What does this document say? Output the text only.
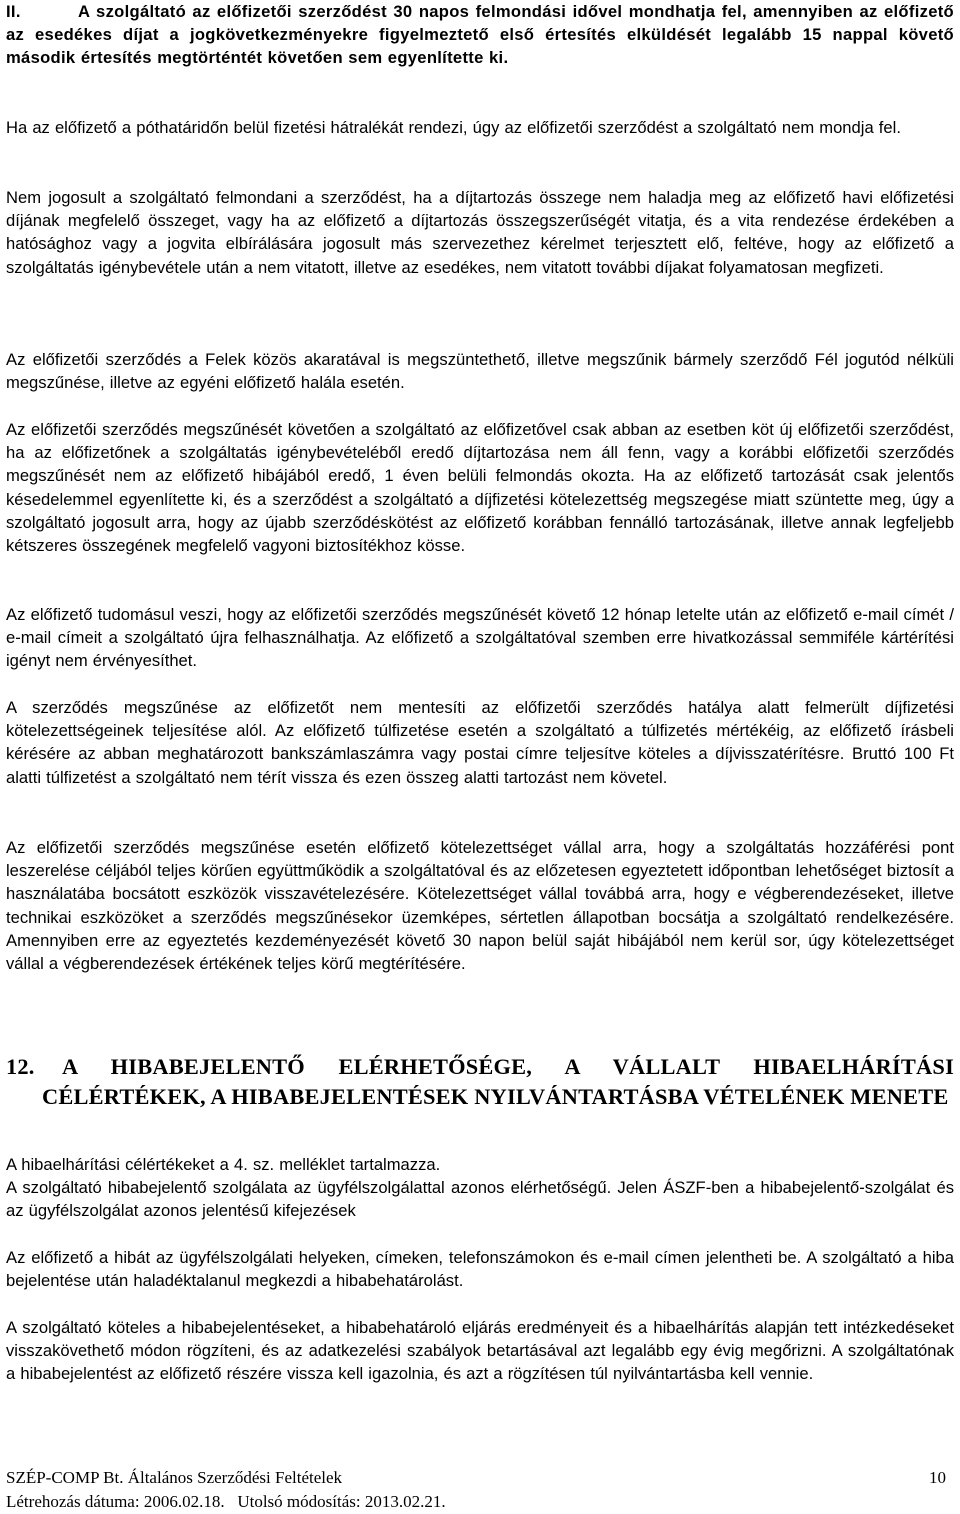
II.	A szolgáltató az előfizetői szerződést 30 napos felmondási idővel mondhatja fel, amennyiben az előfizető az esedékes díjat a jogkövetkezményekre figyelmeztető első értesítés elküldését legalább 15 nappal követő második értesítés megtörténtét követően sem egyenlítette ki.

Ha az előfizető a póthatáridőn belül fizetési hátralékát rendezi, úgy az előfizetői szerződést a szolgáltató nem mondja fel.

Nem jogosult a szolgáltató felmondani a szerződést, ha a díjtartozás összege nem haladja meg az előfizető havi előfizetési díjának megfelelő összeget, vagy ha az előfizető a díjtartozás összegszerűségét vitatja, és a vita rendezése érdekében a hatósághoz vagy a jogvita elbírálására jogosult más szervezethez kérelmet terjesztett elő, feltéve, hogy az előfizető a szolgáltatás igénybevétele után a nem vitatott, illetve az esedékes, nem vitatott további díjakat folyamatosan megfizeti.

Az előfizetői szerződés a Felek közös akaratával is megszüntethető, illetve megszűnik bármely szerződő Fél jogutód nélküli megszűnése, illetve az egyéni előfizető halála esetén.

Az előfizetői szerződés megszűnését követően a szolgáltató az előfizetővel csak abban az esetben köt új előfizetői szerződést, ha az előfizetőnek a szolgáltatás igénybevételéből eredő díjtartozása nem áll fenn, vagy a korábbi előfizetői szerződés megszűnését nem az előfizető hibájából eredő, 1 éven belüli felmondás okozta. Ha az előfizető tartozását csak jelentős késedelemmel egyenlítette ki, és a szerződést a szolgáltató a díjfizetési kötelezettség megszegése miatt szüntette meg, úgy a szolgáltató jogosult arra, hogy az újabb szerződéskötést az előfizető korábban fennálló tartozásának, illetve annak legfeljebb kétszeres összegének megfelelő vagyoni biztosítékhoz kösse.

Az előfizető tudomásul veszi, hogy az előfizetői szerződés megszűnését követő 12 hónap letelte után az előfizető e-mail címét / e-mail címeit a szolgáltató újra felhasználhatja. Az előfizető a szolgáltatóval szemben erre hivatkozással semmiféle kártérítési igényt nem érvényesíthet.

A szerződés megszűnése az előfizetőt nem mentesíti az előfizetői szerződés hatálya alatt felmerült díjfizetési kötelezettségeinek teljesítése alól. Az előfizető túlfizetése esetén a szolgáltató a túlfizetés mértékéig, az előfizető írásbeli kérésére az abban meghatározott bankszámlaszámra vagy postai címre teljesítve köteles a díjvisszatérítésre. Bruttó 100 Ft alatti túlfizetést a szolgáltató nem térít vissza és ezen összeg alatti tartozást nem követel.

Az előfizetői szerződés megszűnése esetén előfizető kötelezettséget vállal arra, hogy a szolgáltatás hozzáférési pont leszerelése céljából teljes körűen együttműködik a szolgáltatóval és az előzetesen egyeztetett időpontban lehetőséget biztosít a használatába bocsátott eszközök visszavételezésére. Kötelezettséget vállal továbbá arra, hogy e végberendezéseket, illetve technikai eszközöket a szerződés megszűnésekor üzemképes, sértetlen állapotban bocsátja a szolgáltató rendelkezésére. Amennyiben erre az egyeztetés kezdeményezését követő 30 napon belül saját hibájából nem kerül sor, úgy kötelezettséget vállal a végberendezések értékének teljes körű megtérítésére.

12.	A HIBABEJELENTŐ ELÉRHETŐSÉGE, A VÁLLALT HIBAELHÁRÍTÁSI CÉLÉRTÉKEK, A HIBABEJELENTÉSEK NYILVÁNTARTÁSBA VÉTELÉNEK MENETE

A hibaelhárítási célértékeket a 4. sz. melléklet tartalmazza.

A szolgáltató hibabejelentő szolgálata az ügyfélszolgálattal azonos elérhetőségű. Jelen ÁSZF-ben a hibabejelentő-szolgálat és az ügyfélszolgálat azonos jelentésű kifejezések

Az előfizető a hibát az ügyfélszolgálati helyeken, címeken, telefonszámokon és e-mail címen jelentheti be. A szolgáltató a hiba bejelentése után haladéktalanul megkezdi a hibabehatárolást.

A szolgáltató köteles a hibabejelentéseket, a hibabehatároló eljárás eredményeit és a hibaelhárítás alapján tett intézkedéseket visszakövethető módon rögzíteni, és az adatkezelési szabályok betartásával azt legalább egy évig megőrizni. A szolgáltatónak a hibabejelentést az előfizető részére vissza kell igazolnia, és azt a rögzítésen túl nyilvántartásba kell vennie.

SZÉP-COMP Bt. Általános Szerződési Feltételek	10
Létrehozás dátuma: 2006.02.18.   Utolsó módosítás: 2013.02.21.
